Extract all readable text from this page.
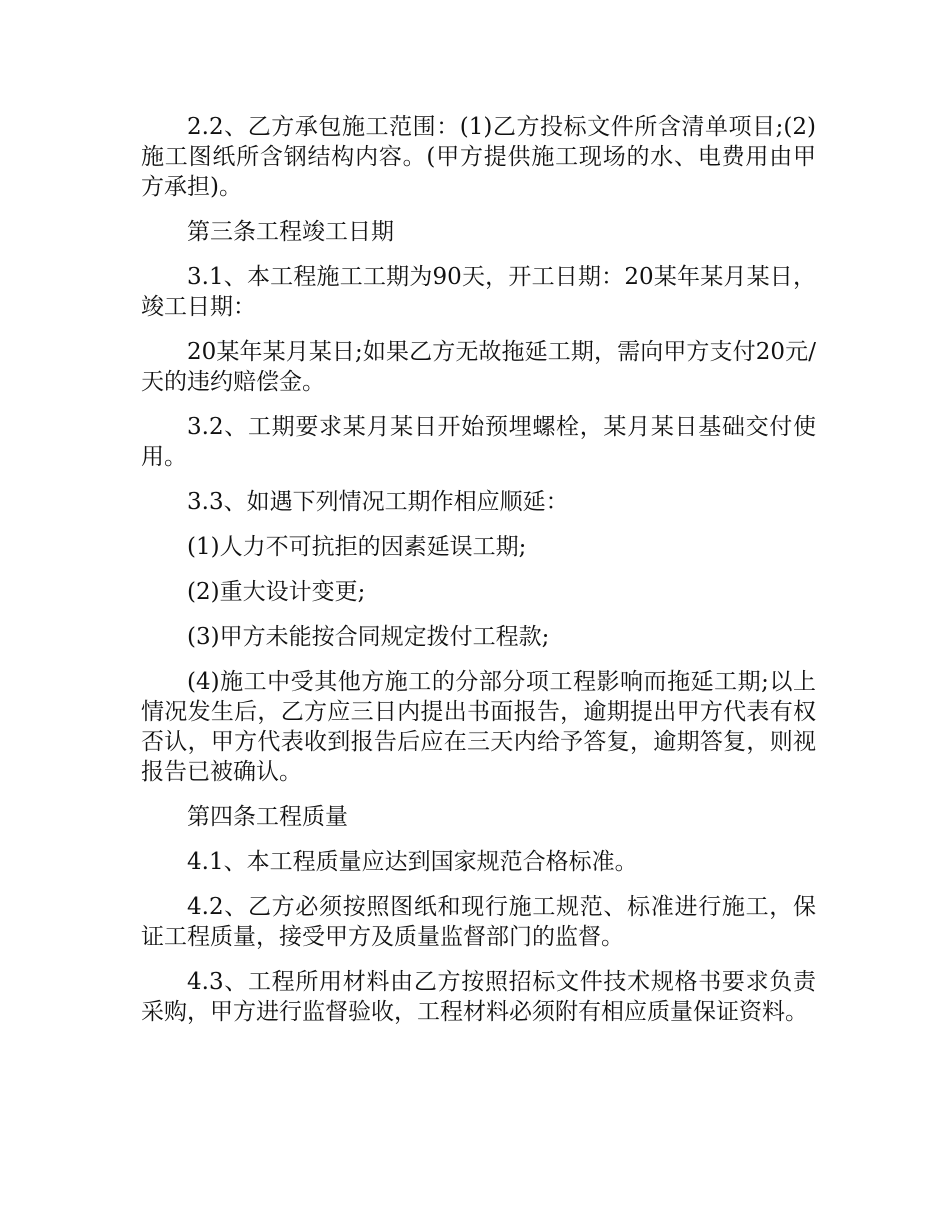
2.2、乙方承包施工范围：(1)乙方投标文件所含清单项目;(2)施工图纸所含钢结构内容。(甲方提供施工现场的水、电费用由甲方承担)。

第三条工程竣工日期

3.1、本工程施工工期为90天，开工日期：20某年某月某日，竣工日期：

20某年某月某日;如果乙方无故拖延工期，需向甲方支付20元/天的违约赔偿金。

3.2、工期要求某月某日开始预埋螺栓，某月某日基础交付使用。

3.3、如遇下列情况工期作相应顺延：

(1)人力不可抗拒的因素延误工期;

(2)重大设计变更;

(3)甲方未能按合同规定拨付工程款;

(4)施工中受其他方施工的分部分项工程影响而拖延工期;以上情况发生后，乙方应三日内提出书面报告，逾期提出甲方代表有权否认，甲方代表收到报告后应在三天内给予答复，逾期答复，则视报告已被确认。

第四条工程质量

4.1、本工程质量应达到国家规范合格标准。

4.2、乙方必须按照图纸和现行施工规范、标准进行施工，保证工程质量，接受甲方及质量监督部门的监督。

4.3、工程所用材料由乙方按照招标文件技术规格书要求负责采购，甲方进行监督验收，工程材料必须附有相应质量保证资料。
